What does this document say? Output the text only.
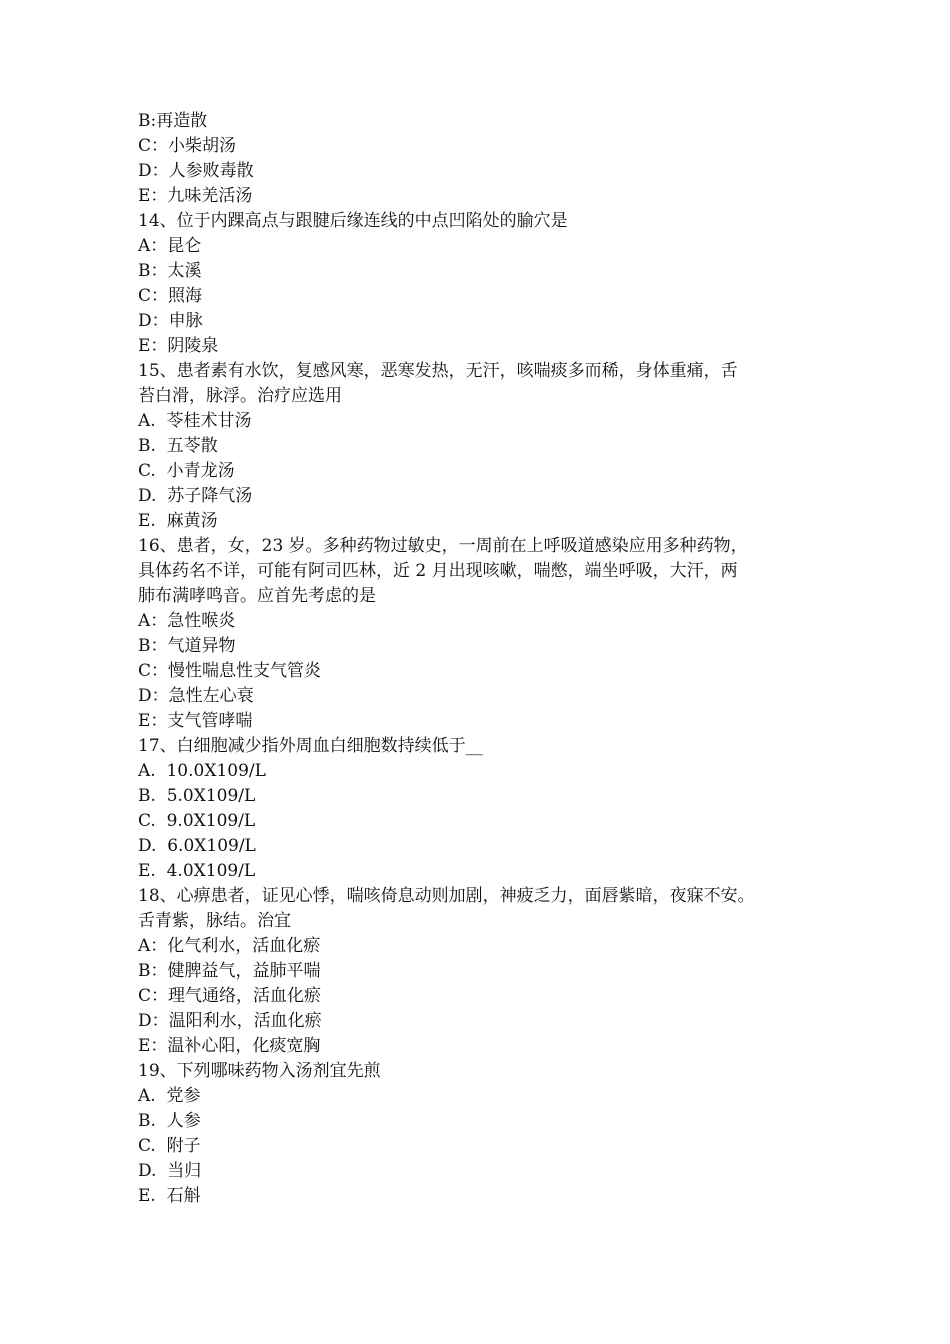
B:再造散
C：小柴胡汤
D：人参败毒散
E：九味羌活汤
14、位于内踝高点与跟腱后缘连线的中点凹陷处的腧穴是
A：昆仑
B：太溪
C：照海
D：申脉
E：阴陵泉
15、患者素有水饮，复感风寒，恶寒发热，无汗，咳喘痰多而稀，身体重痛，舌
苔白滑，脉浮。治疗应选用
A.  苓桂术甘汤
B.  五苓散
C.  小青龙汤
D.  苏子降气汤
E.  麻黄汤
16、患者，女，23 岁。多种药物过敏史，一周前在上呼吸道感染应用多种药物，
具体药名不详，可能有阿司匹林，近 2 月出现咳嗽，喘憋，端坐呼吸，大汗，两
肺布满哮鸣音。应首先考虑的是
A：急性喉炎
B：气道异物
C：慢性喘息性支气管炎
D：急性左心衰
E：支气管哮喘
17、白细胞减少指外周血白细胞数持续低于__
A.  10.0X109/L
B.  5.0X109/L
C.  9.0X109/L
D.  6.0X109/L
E.  4.0X109/L
18、心痹患者，证见心悸，喘咳倚息动则加剧，神疲乏力，面唇紫暗，夜寐不安。
舌青紫，脉结。治宜
A：化气利水，活血化瘀
B：健脾益气，益肺平喘
C：理气通络，活血化瘀
D：温阳利水，活血化瘀
E：温补心阳，化痰宽胸
19、下列哪味药物入汤剂宜先煎
A.  党参
B.  人参
C.  附子
D.  当归
E.  石斛
